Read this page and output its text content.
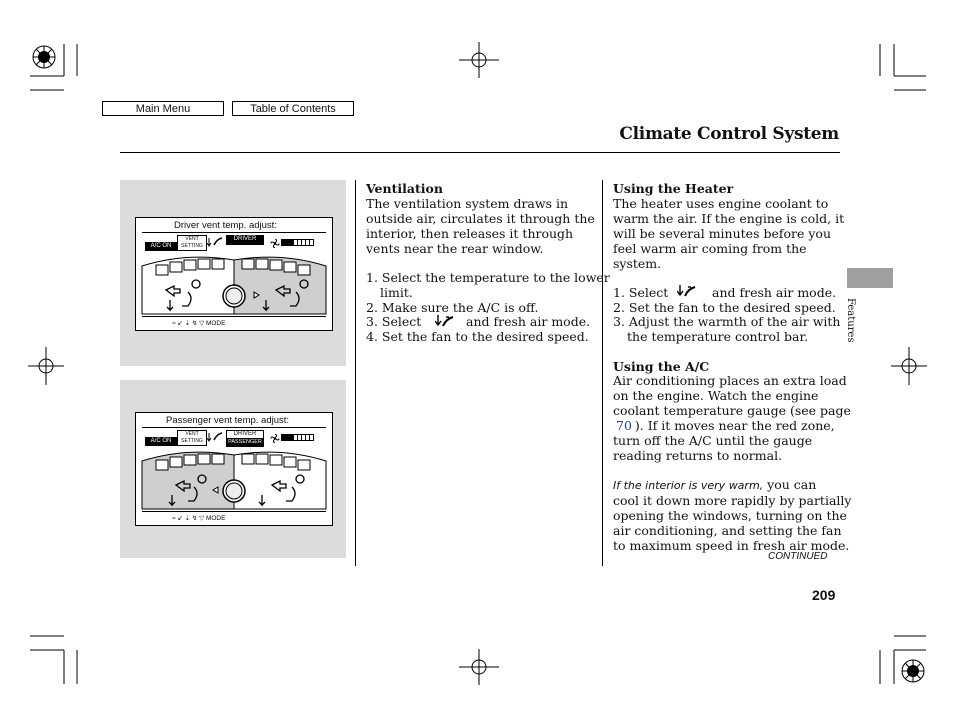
Main Menu	Table of Contents
Climate Control System
Features
Driver vent temp. adjust:
A/C ON
VENT
SETTING
DRIVER
≈ ↙ ⇣ ↯ ▽ MODE
Passenger vent temp. adjust:
A/C ON
VENT
SETTING
DRIVER
PASSENGER
≈ ↙ ⇣ ↯ ▽ MODE
Ventilation
The ventilation system draws in
outside air, circulates it through the
interior, then releases it through
vents near the rear window.
1. Select the temperature to the lower
limit.
2. Make sure the A/C is off.
3. Select	and fresh air mode.
4. Set the fan to the desired speed.
Using the Heater
The heater uses engine coolant to
warm the air. If the engine is cold, it
will be several minutes before you
feel warm air coming from the
system.
1. Select	and fresh air mode.
2. Set the fan to the desired speed.
3. Adjust the warmth of the air with
the temperature control bar.
Using the A/C
Air conditioning places an extra load
on the engine. Watch the engine
coolant temperature gauge (see page
70 ). If it moves near the red zone,
turn off the A/C until the gauge
reading returns to normal.
If the interior is very warm, you can
cool it down more rapidly by partially
opening the windows, turning on the
air conditioning, and setting the fan
to maximum speed in fresh air mode.
CONTINUED
209
